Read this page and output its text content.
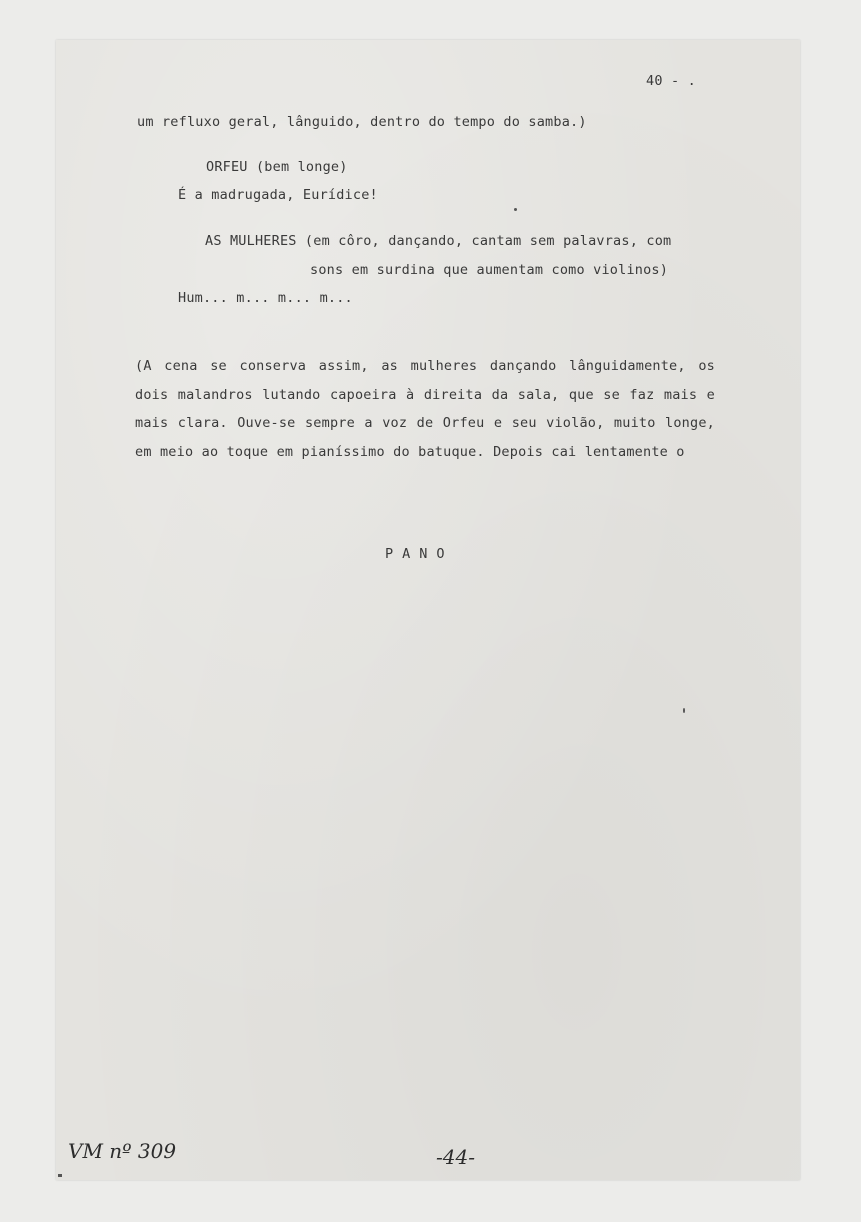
40 - .
um refluxo geral, lânguido, dentro do tempo do samba.)
ORFEU (bem longe)
É a madrugada, Eurídice!
AS MULHERES (em côro, dançando, cantam sem palavras, com
sons em surdina que aumentam como violinos)
Hum... m... m... m...
(A cena se conserva assim, as mulheres dançando lânguidamente, os dois malandros lutando capoeira à direita da sala, que se faz mais e mais clara. Ouve-se sempre a voz de Orfeu e seu violão, muito longe, em meio ao toque em pianíssimo do batuque. Depois cai lentamente o
PANO
VM nº 309	-44-
